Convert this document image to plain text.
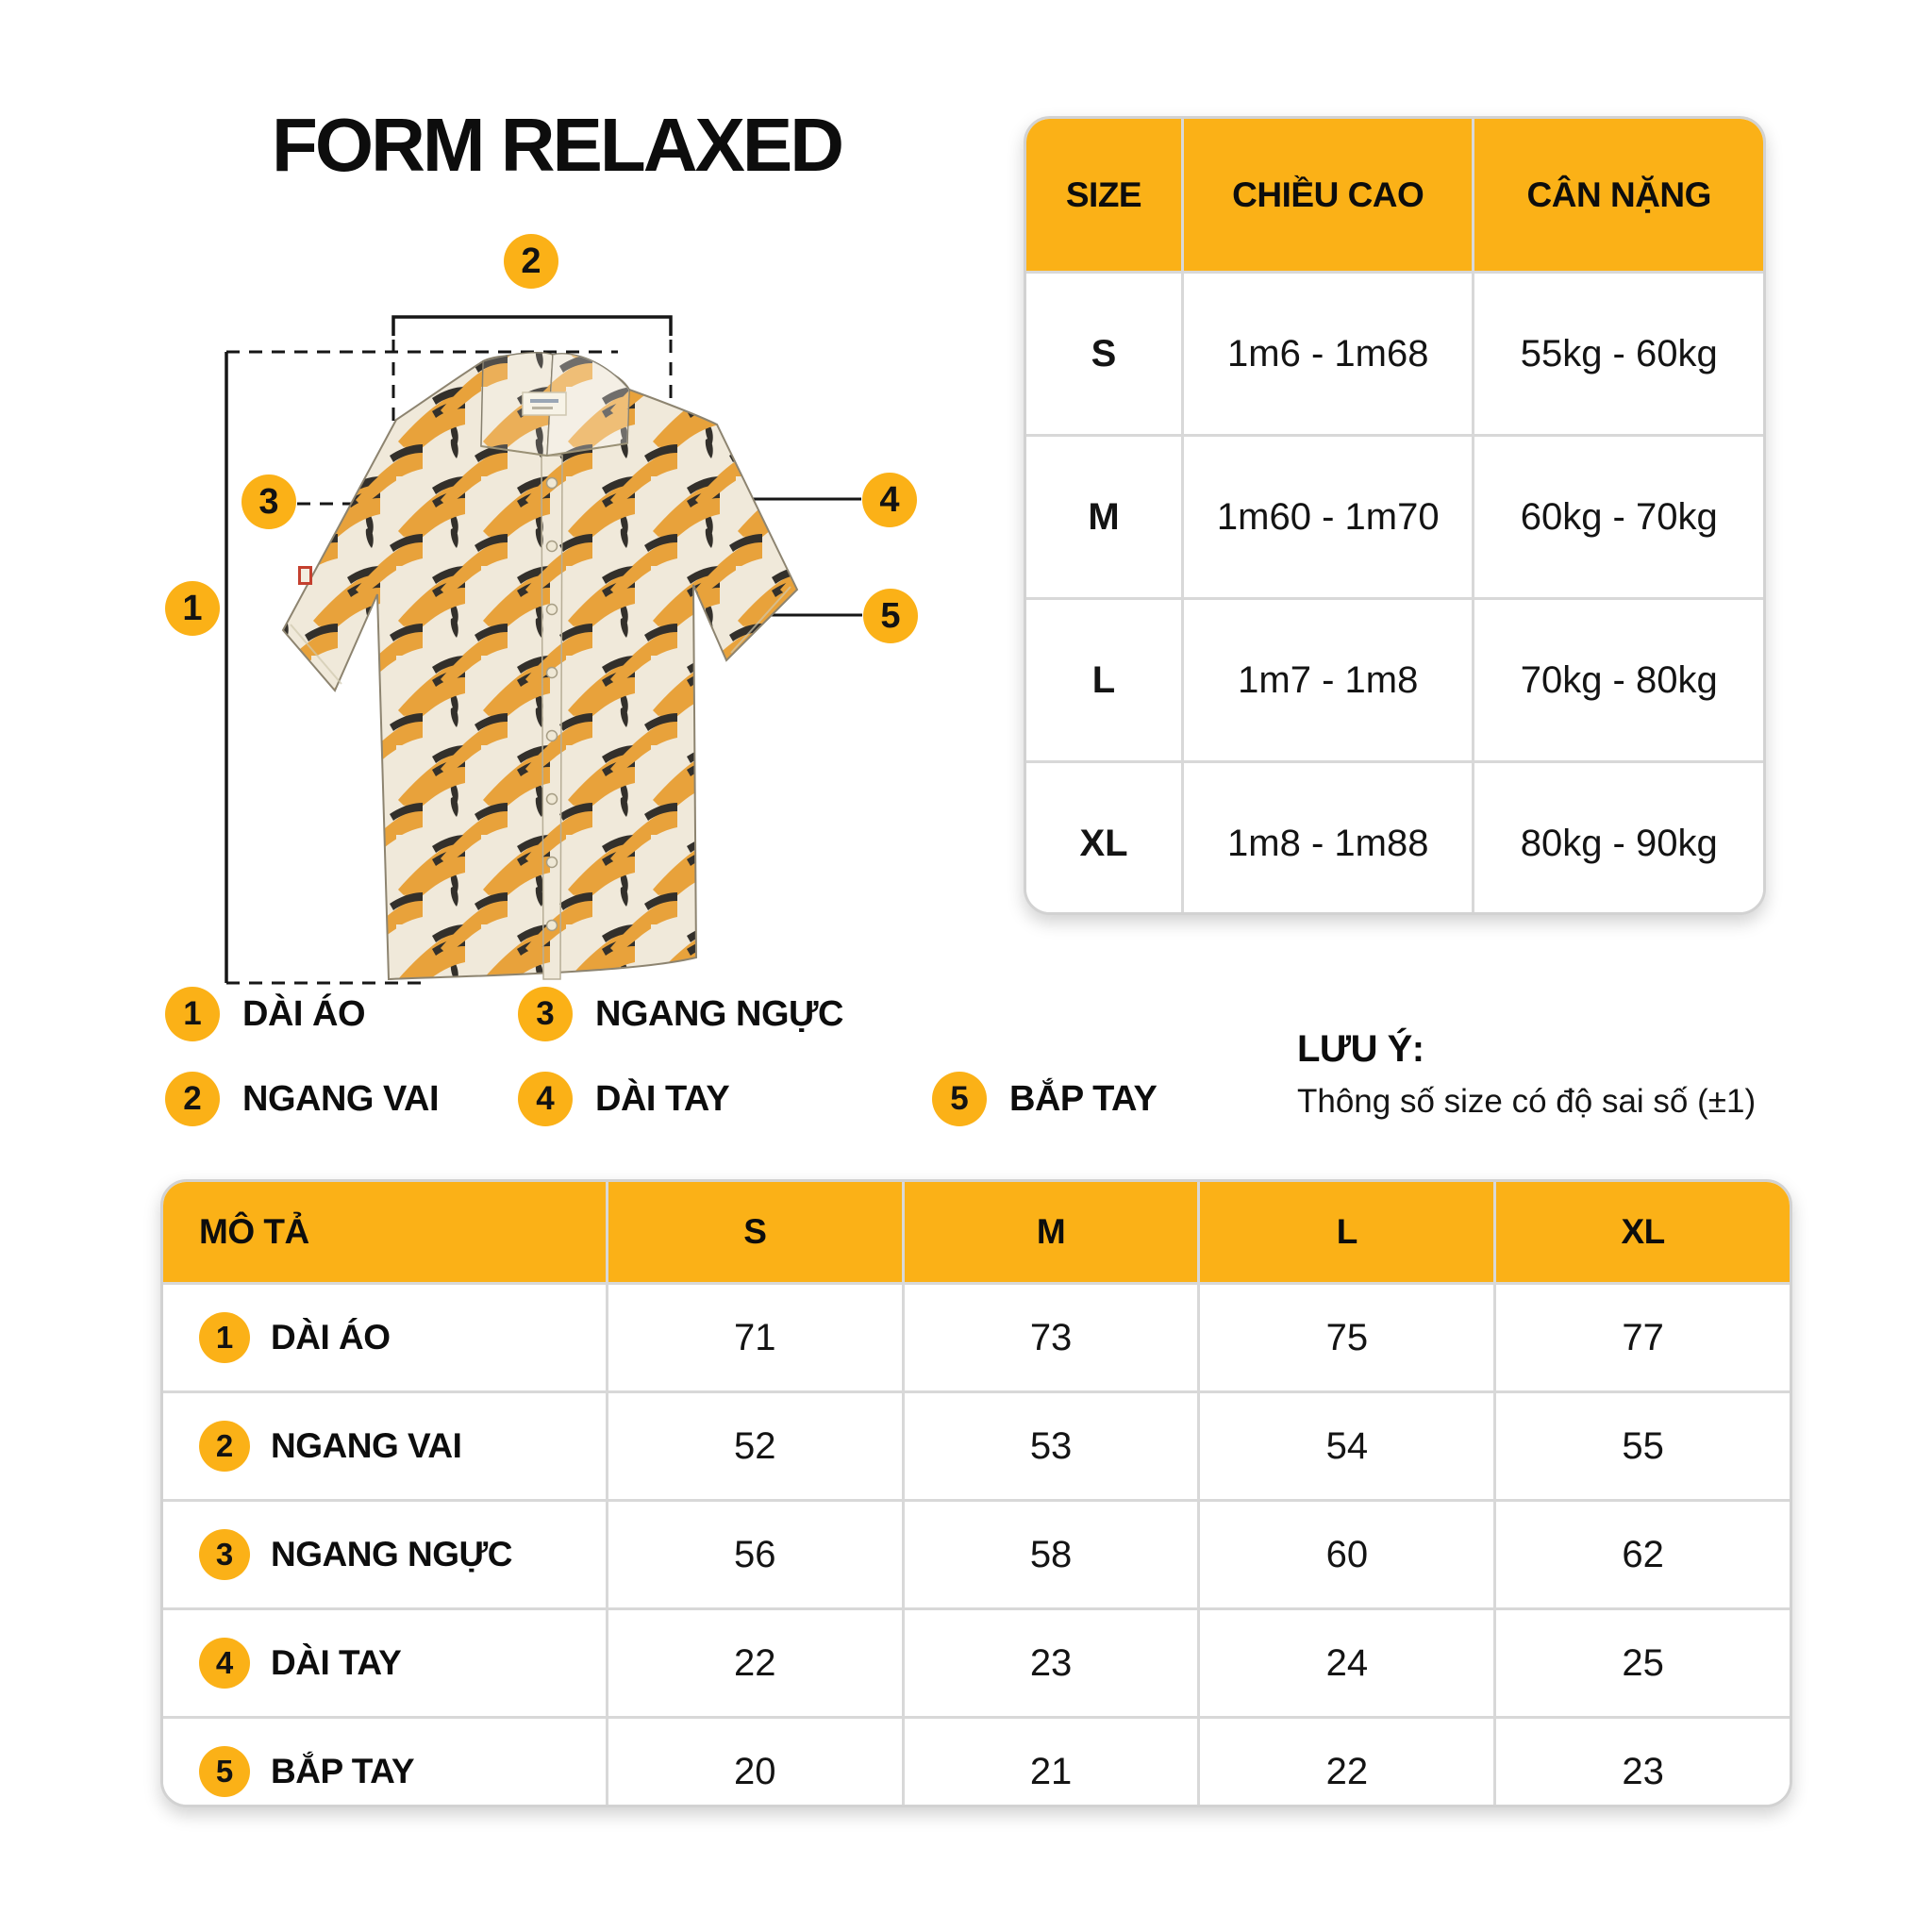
FORM RELAXED
1
2
3	4
5
SIZE	CHIỀU CAO	CÂN NẶNG
S	1m6 - 1m68	55kg - 60kg
M	1m60 - 1m70	60kg - 70kg
L	1m7 - 1m8	70kg - 80kg
XL	1m8 - 1m88	80kg - 90kg
1	DÀI ÁO	3	NGANG NGỰC
2	NGANG VAI	4	DÀI TAY	5	BẮP TAY
LƯU Ý:
Thông số size có độ sai số (±1)
MÔ TẢ	S	M	L	XL
1	DÀI ÁO	71	73	75	77
2	NGANG VAI	52	53	54	55
3	NGANG NGỰC	56	58	60	62
4	DÀI TAY	22	23	24	25
5	BẮP TAY	20	21	22	23
